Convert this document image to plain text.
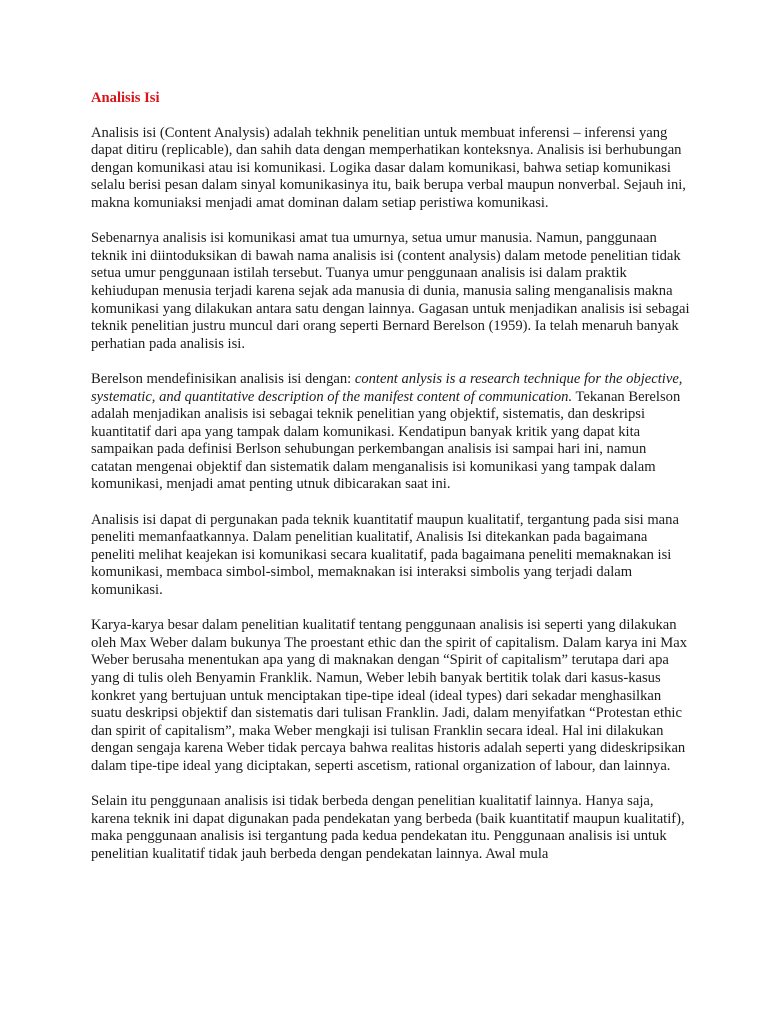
Analisis Isi

Analisis isi (Content Analysis) adalah tekhnik penelitian untuk membuat inferensi – inferensi yang dapat ditiru (replicable), dan sahih data dengan memperhatikan konteksnya. Analisis isi berhubungan dengan komunikasi atau isi komunikasi. Logika dasar dalam komunikasi, bahwa setiap komunikasi selalu berisi pesan dalam sinyal komunikasinya itu, baik berupa verbal maupun nonverbal. Sejauh ini, makna komuniaksi menjadi amat dominan dalam setiap peristiwa komunikasi.

Sebenarnya analisis isi komunikasi amat tua umurnya, setua umur manusia. Namun, panggunaan teknik ini diintoduksikan di bawah nama analisis isi (content analysis) dalam metode penelitian tidak setua umur penggunaan istilah tersebut. Tuanya umur penggunaan analisis isi dalam praktik kehiudupan menusia terjadi karena sejak ada manusia di dunia, manusia saling menganalisis makna komunikasi yang dilakukan antara satu dengan lainnya. Gagasan untuk menjadikan analisis isi sebagai teknik penelitian justru muncul dari orang seperti Bernard Berelson (1959). Ia telah menaruh banyak perhatian pada analisis isi.

Berelson mendefinisikan analisis isi dengan: content anlysis is a research technique for the objective, systematic, and quantitative description of the manifest content of communication. Tekanan Berelson adalah menjadikan analisis isi sebagai teknik penelitian yang objektif, sistematis, dan deskripsi kuantitatif dari apa yang tampak dalam komunikasi. Kendatipun banyak kritik yang dapat kita sampaikan pada definisi Berlson sehubungan perkembangan analisis isi sampai hari ini, namun catatan mengenai objektif dan sistematik dalam menganalisis isi komunikasi yang tampak dalam komunikasi, menjadi amat penting utnuk dibicarakan saat ini.

Analisis isi dapat di pergunakan pada teknik kuantitatif maupun kualitatif, tergantung pada sisi mana peneliti memanfaatkannya. Dalam penelitian kualitatif, Analisis Isi ditekankan pada bagaimana peneliti melihat keajekan isi komunikasi secara kualitatif, pada bagaimana peneliti memaknakan isi komunikasi, membaca simbol-simbol, memaknakan isi interaksi simbolis yang terjadi dalam komunikasi.

Karya-karya besar dalam penelitian kualitatif tentang penggunaan analisis isi seperti yang dilakukan oleh Max Weber dalam bukunya The proestant ethic dan the spirit of capitalism. Dalam karya ini Max Weber berusaha menentukan apa yang di maknakan dengan “Spirit of capitalism” terutapa dari apa yang di tulis oleh Benyamin Franklik. Namun, Weber lebih banyak bertitik tolak dari kasus-kasus konkret yang bertujuan untuk menciptakan tipe-tipe ideal (ideal types) dari sekadar menghasilkan suatu deskripsi objektif dan sistematis dari tulisan Franklin. Jadi, dalam menyifatkan “Protestan ethic dan spirit of capitalism”, maka Weber mengkaji isi tulisan Franklin secara ideal. Hal ini dilakukan dengan sengaja karena Weber tidak percaya bahwa realitas historis adalah seperti yang dideskripsikan dalam tipe-tipe ideal yang diciptakan, seperti ascetism, rational organization of labour, dan lainnya.

Selain itu penggunaan analisis isi tidak berbeda dengan penelitian kualitatif lainnya. Hanya saja, karena teknik ini dapat digunakan pada pendekatan yang berbeda (baik kuantitatif maupun kualitatif), maka penggunaan analisis isi tergantung pada kedua pendekatan itu. Penggunaan analisis isi untuk penelitian kualitatif tidak jauh berbeda dengan pendekatan lainnya. Awal mula
